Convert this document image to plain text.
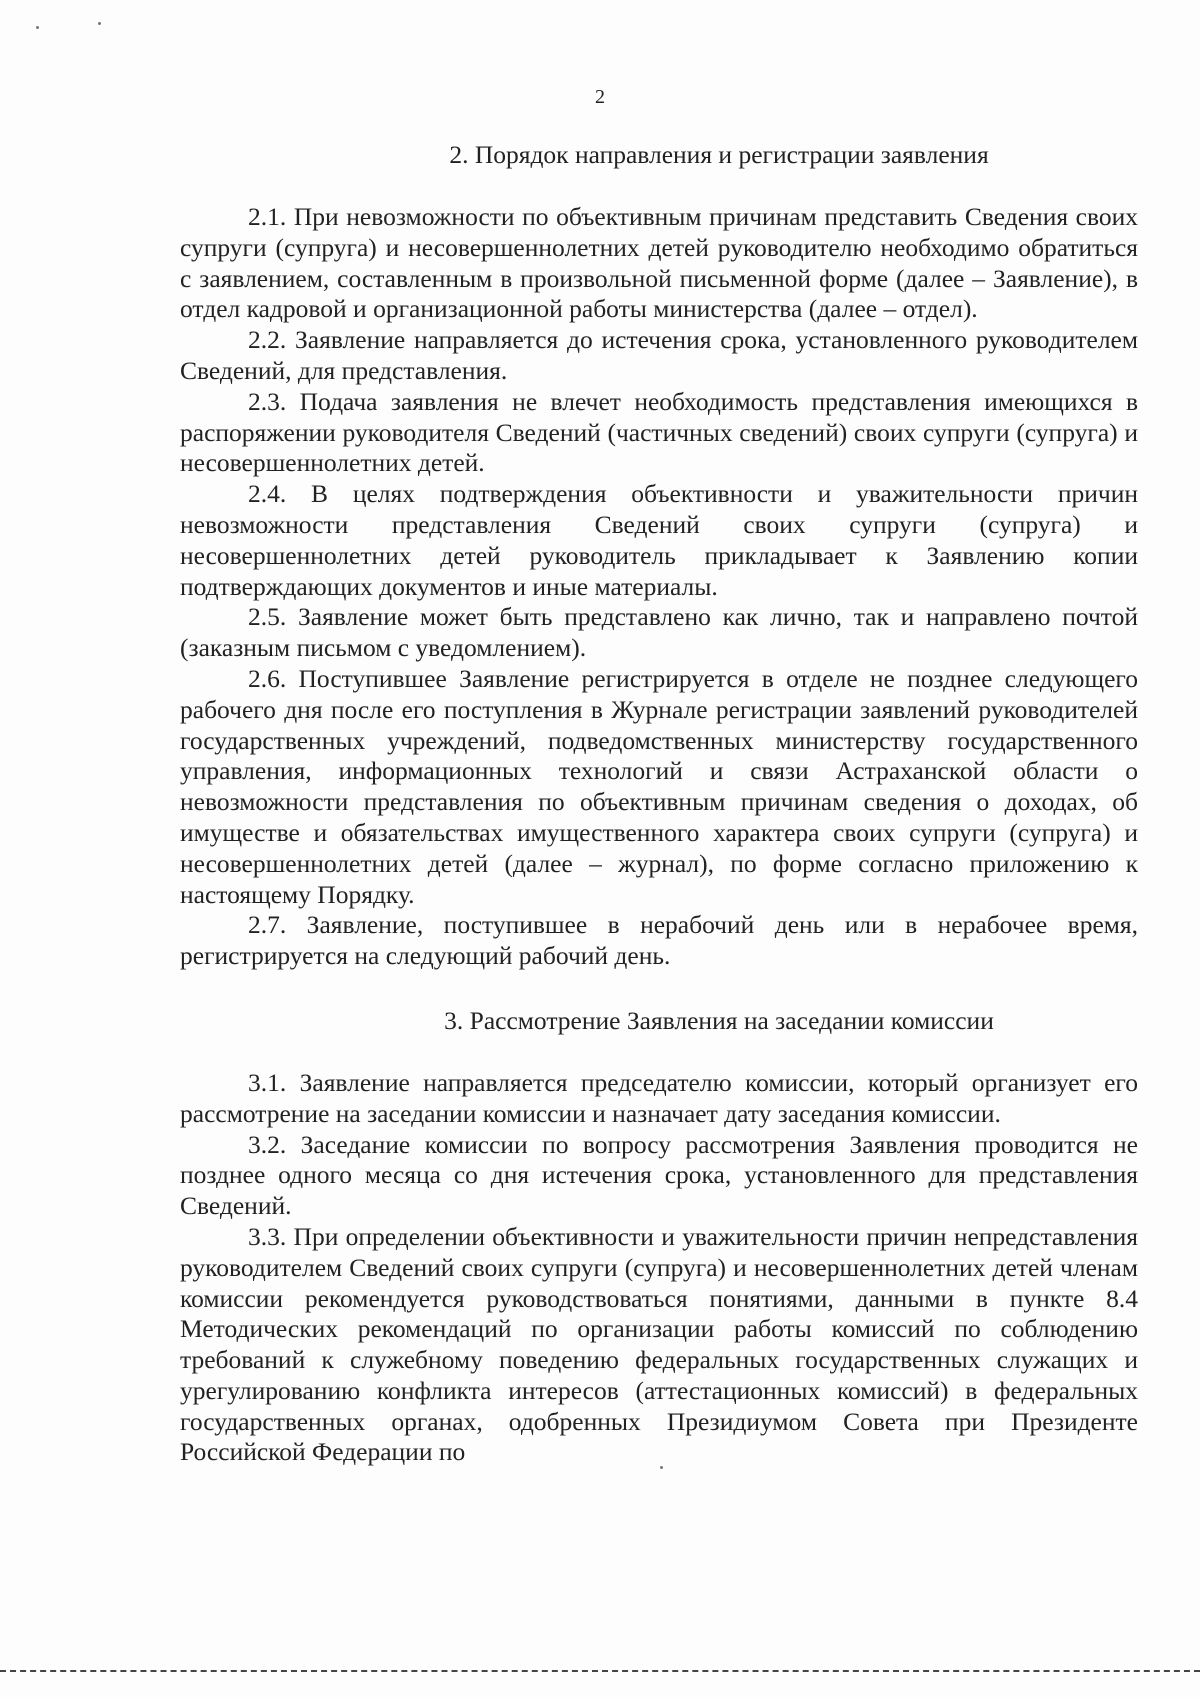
2
2. Порядок направления и регистрации заявления

2.1. При невозможности по объективным причинам представить Сведения своих супруги (супруга) и несовершеннолетних детей руководителю необходимо обратиться с заявлением, составленным в произвольной письменной форме (далее – Заявление), в отдел кадровой и организационной работы министерства (далее – отдел).

2.2. Заявление направляется до истечения срока, установленного руководителем Сведений, для представления.

2.3. Подача заявления не влечет необходимость представления имеющихся в распоряжении руководителя Сведений (частичных сведений) своих супруги (супруга) и несовершеннолетних детей.

2.4. В целях подтверждения объективности и уважительности причин невозможности представления Сведений своих супруги (супруга) и несовершеннолетних детей руководитель прикладывает к Заявлению копии подтверждающих документов и иные материалы.

2.5. Заявление может быть представлено как лично, так и направлено почтой (заказным письмом с уведомлением).

2.6. Поступившее Заявление регистрируется в отделе не позднее следующего рабочего дня после его поступления в Журнале регистрации заявлений руководителей государственных учреждений, подведомственных министерству государственного управления, информационных технологий и связи Астраханской области о невозможности представления по объективным причинам сведения о доходах, об имуществе и обязательствах имущественного характера своих супруги (супруга) и несовершеннолетних детей (далее – журнал), по форме согласно приложению к настоящему Порядку.

2.7. Заявление, поступившее в нерабочий день или в нерабочее время, регистрируется на следующий рабочий день.

3. Рассмотрение Заявления на заседании комиссии

3.1. Заявление направляется председателю комиссии, который организует его рассмотрение на заседании комиссии и назначает дату заседания комиссии.

3.2. Заседание комиссии по вопросу рассмотрения Заявления проводится не позднее одного месяца со дня истечения срока, установленного для представления Сведений.

3.3. При определении объективности и уважительности причин непредставления руководителем Сведений своих супруги (супруга) и несовершеннолетних детей членам комиссии рекомендуется руководствоваться понятиями, данными в пункте 8.4 Методических рекомендаций по организации работы комиссий по соблюдению требований к служебному поведению федеральных государственных служащих и урегулированию конфликта интересов (аттестационных комиссий) в федеральных государственных органах, одобренных Президиумом Совета при Президенте Российской Федерации по
